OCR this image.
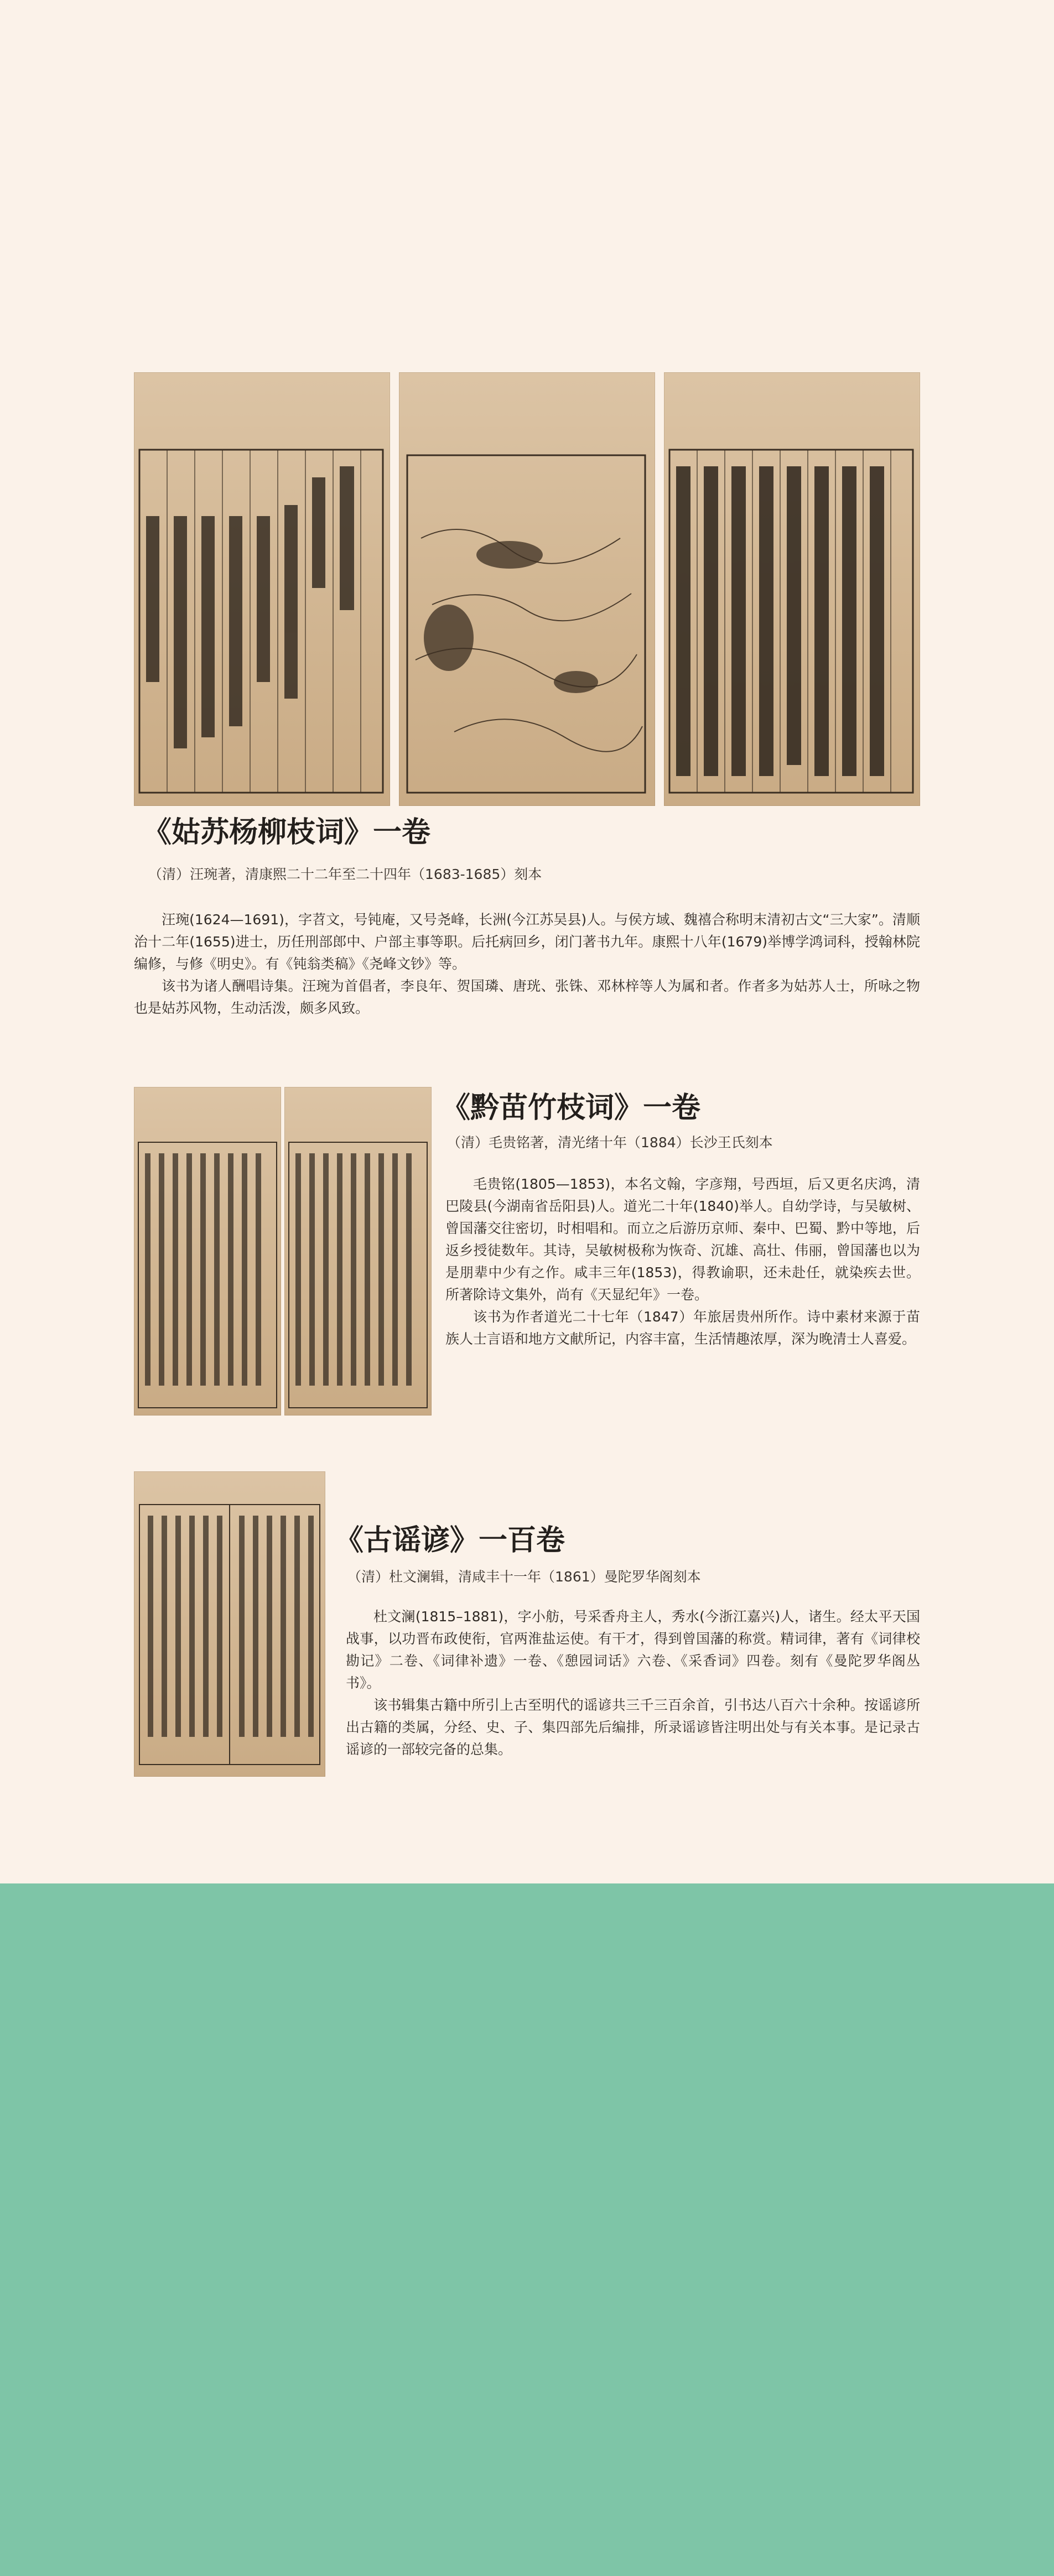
《姑苏杨柳枝词》一卷
（清）汪琬著，清康熙二十二年至二十四年（1683-1685）刻本

汪琬(1624—1691)，字苕文，号钝庵，又号尧峰，长洲(今江苏吴县)人。与侯方域、魏禧合称明末清初古文“三大家”。清顺治十二年(1655)进士，历任刑部郎中、户部主事等职。后托病回乡，闭门著书九年。康熙十八年(1679)举博学鸿词科，授翰林院编修，与修《明史》。有《钝翁类稿》《尧峰文钞》等。

该书为诸人酬唱诗集。汪琬为首倡者，李良年、贺国璘、唐珖、张铢、邓林梓等人为属和者。作者多为姑苏人士，所咏之物也是姑苏风物，生动活泼，颇多风致。

《黔苗竹枝词》一卷
（清）毛贵铭著，清光绪十年（1884）长沙王氏刻本

毛贵铭(1805—1853)，本名文翰，字彦翔，号西垣，后又更名庆鸿，清巴陵县(今湖南省岳阳县)人。道光二十年(1840)举人。自幼学诗，与吴敏树、曾国藩交往密切，时相唱和。而立之后游历京师、秦中、巴蜀、黔中等地，后返乡授徒数年。其诗，吴敏树极称为恢奇、沉雄、高壮、伟丽，曾国藩也以为是朋辈中少有之作。咸丰三年(1853)，得教谕职，还未赴任，就染疾去世。所著除诗文集外，尚有《天显纪年》一卷。

该书为作者道光二十七年（1847）年旅居贵州所作。诗中素材来源于苗族人士言语和地方文献所记，内容丰富，生活情趣浓厚，深为晚清士人喜爱。

《古谣谚》一百卷
（清）杜文澜辑，清咸丰十一年（1861）曼陀罗华阁刻本

杜文澜(1815–1881)，字小舫，号采香舟主人，秀水(今浙江嘉兴)人，诸生。经太平天国战事，以功晋布政使衔，官两淮盐运使。有干才，得到曾国藩的称赏。精词律，著有《词律校勘记》二卷、《词律补遗》一卷、《憩园词话》六卷、《采香词》四卷。刻有《曼陀罗华阁丛书》。

该书辑集古籍中所引上古至明代的谣谚共三千三百余首，引书达八百六十余种。按谣谚所出古籍的类属，分经、史、子、集四部先后编排，所录谣谚皆注明出处与有关本事。是记录古谣谚的一部较完备的总集。
